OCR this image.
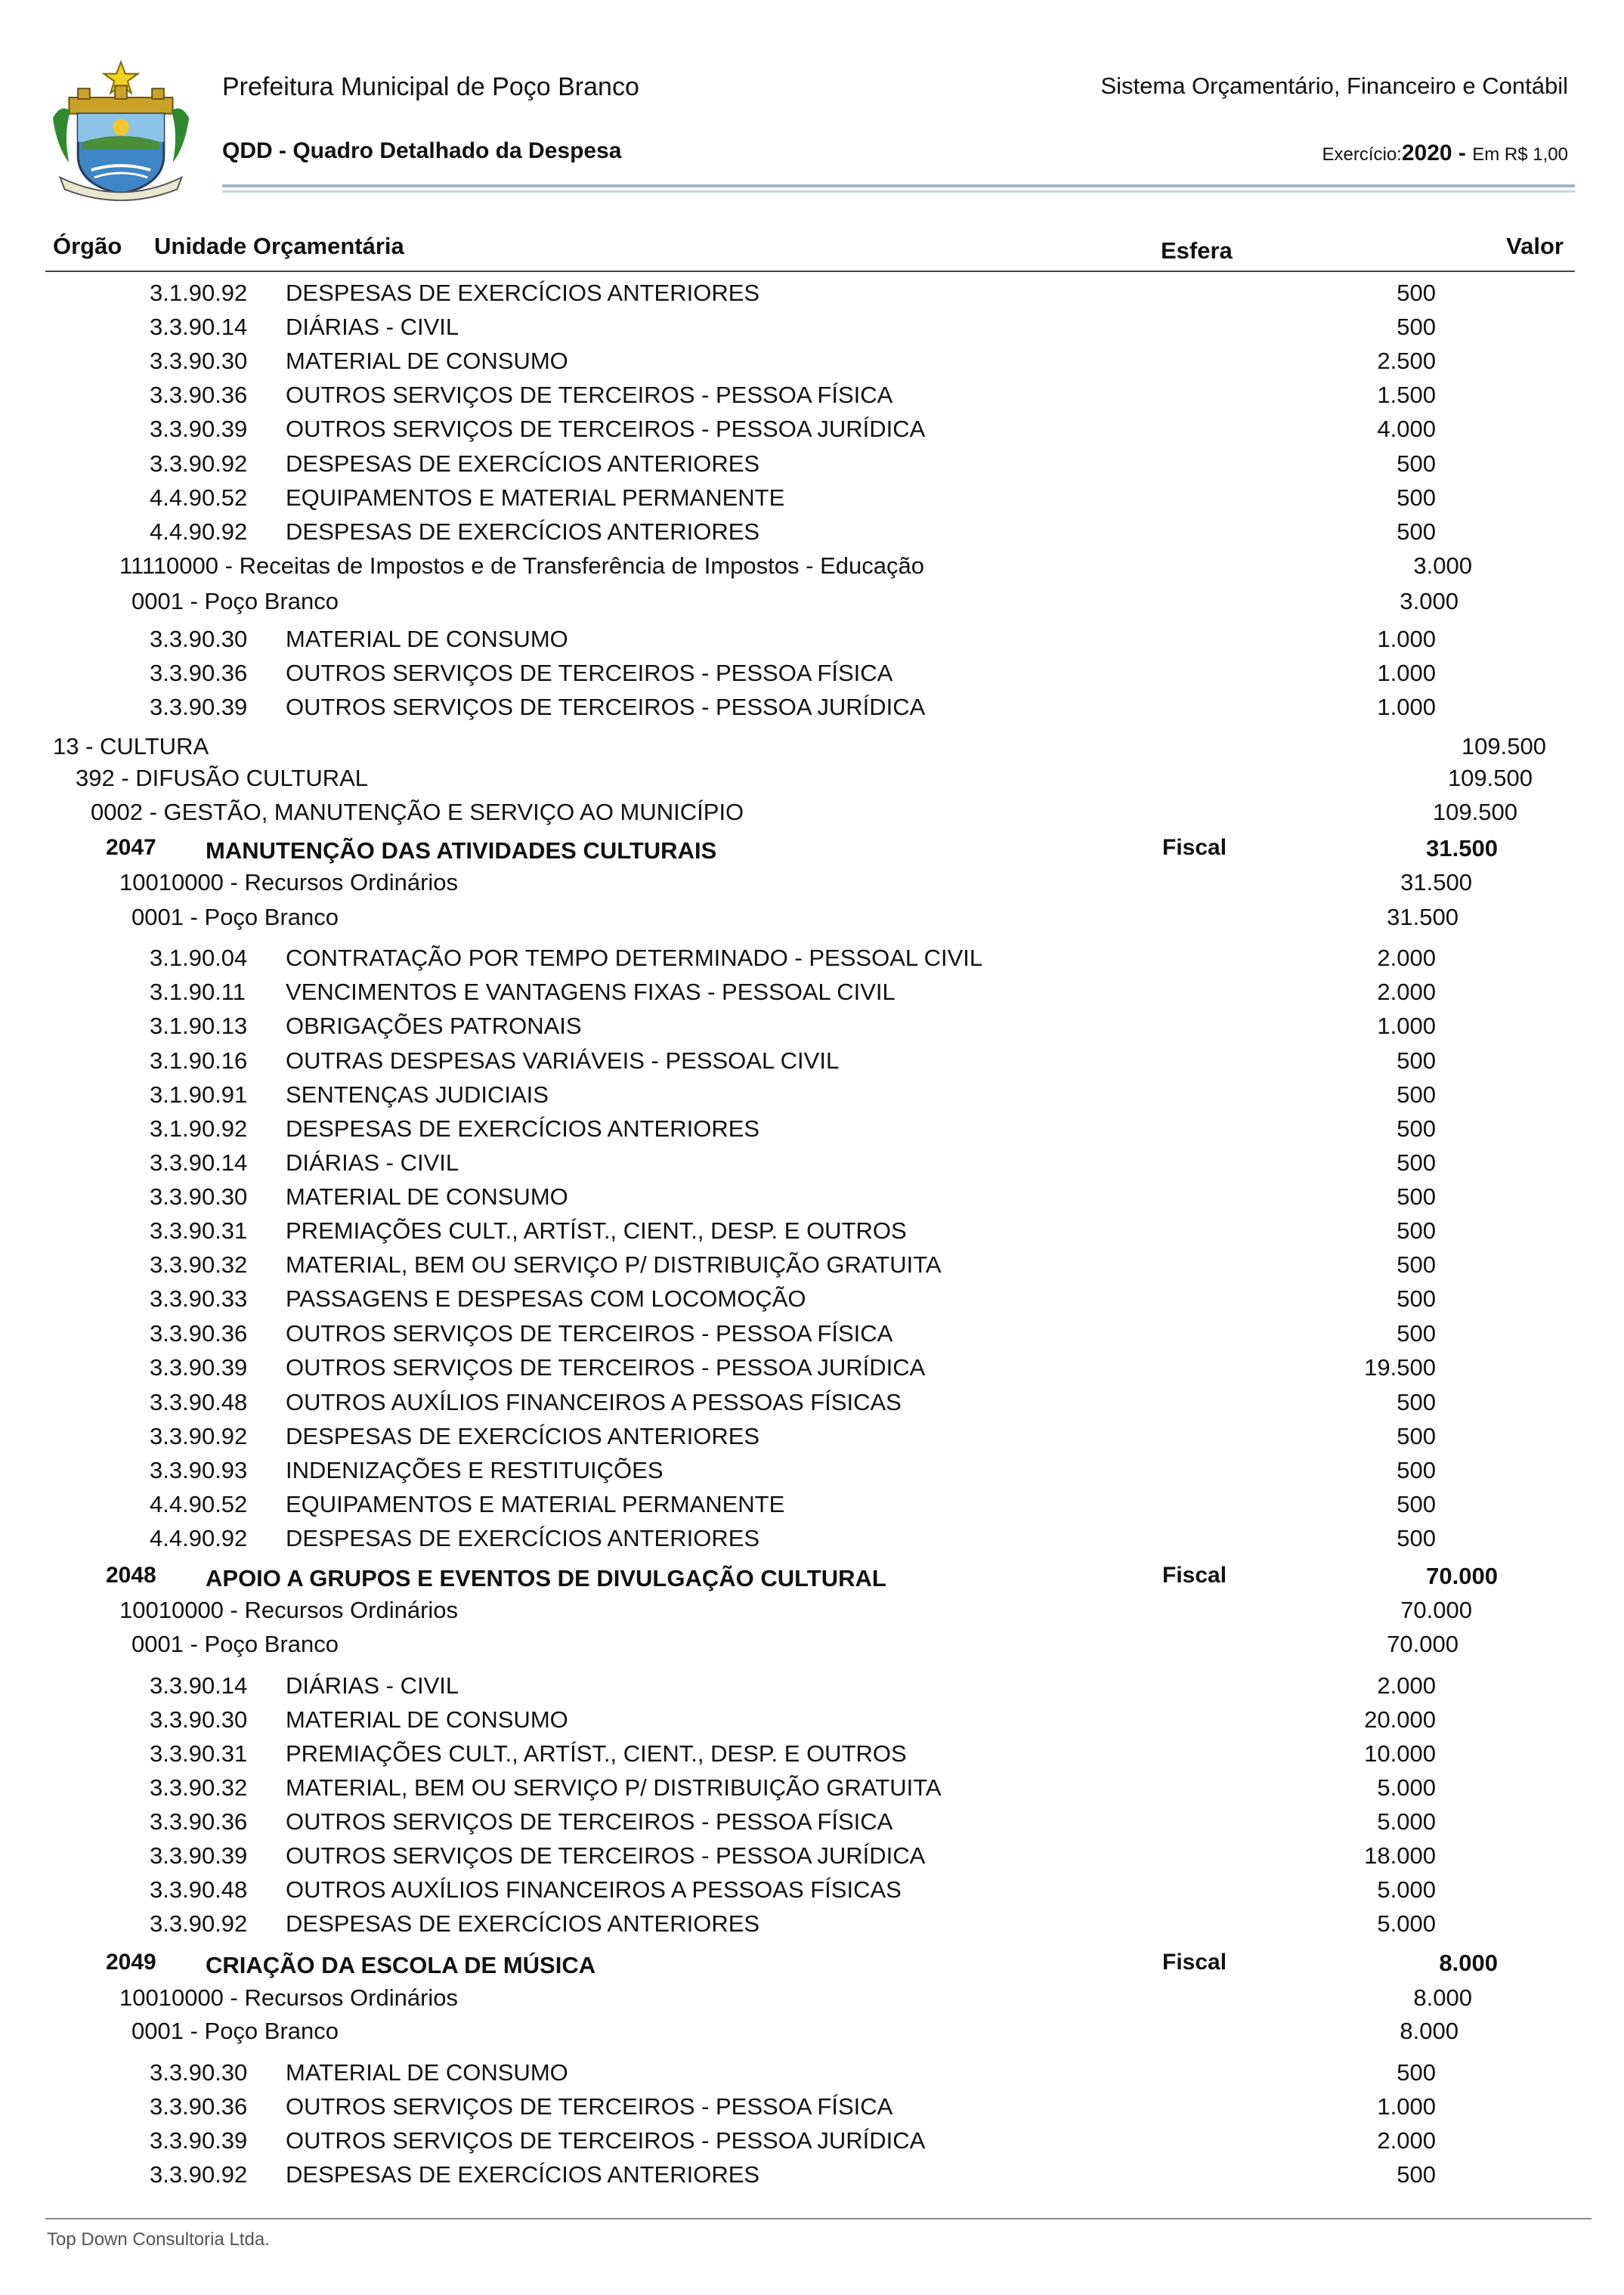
Prefeitura Municipal de Poço Branco
QDD - Quadro Detalhado da Despesa
Sistema Orçamentário, Financeiro e Contábil
Exercício:2020 - Em R$ 1,00
Órgão Unidade Orçamentária	Esfera	Valor
3.1.90.92 DESPESAS DE EXERCÍCIOS ANTERIORES	500
3.3.90.14 DIÁRIAS - CIVIL	500
3.3.90.30 MATERIAL DE CONSUMO	2.500
3.3.90.36 OUTROS SERVIÇOS DE TERCEIROS - PESSOA FÍSICA	1.500
3.3.90.39 OUTROS SERVIÇOS DE TERCEIROS - PESSOA JURÍDICA	4.000
3.3.90.92 DESPESAS DE EXERCÍCIOS ANTERIORES	500
4.4.90.52 EQUIPAMENTOS E MATERIAL PERMANENTE	500
4.4.90.92 DESPESAS DE EXERCÍCIOS ANTERIORES	500
11110000 - Receitas de Impostos e de Transferência de Impostos - Educação	3.000
0001 - Poço Branco	3.000
3.3.90.30 MATERIAL DE CONSUMO	1.000
3.3.90.36 OUTROS SERVIÇOS DE TERCEIROS - PESSOA FÍSICA	1.000
3.3.90.39 OUTROS SERVIÇOS DE TERCEIROS - PESSOA JURÍDICA	1.000
13 - CULTURA	109.500
392 - DIFUSÃO CULTURAL	109.500
0002 - GESTÃO, MANUTENÇÃO E SERVIÇO AO MUNICÍPIO	109.500
2047 MANUTENÇÃO DAS ATIVIDADES CULTURAIS	Fiscal	31.500
10010000 - Recursos Ordinários	31.500
0001 - Poço Branco	31.500
3.1.90.04 CONTRATAÇÃO POR TEMPO DETERMINADO - PESSOAL CIVIL	2.000
3.1.90.11 VENCIMENTOS E VANTAGENS FIXAS - PESSOAL CIVIL	2.000
3.1.90.13 OBRIGAÇÕES PATRONAIS	1.000
3.1.90.16 OUTRAS DESPESAS VARIÁVEIS - PESSOAL CIVIL	500
3.1.90.91 SENTENÇAS JUDICIAIS	500
3.1.90.92 DESPESAS DE EXERCÍCIOS ANTERIORES	500
3.3.90.14 DIÁRIAS - CIVIL	500
3.3.90.30 MATERIAL DE CONSUMO	500
3.3.90.31 PREMIAÇÕES CULT., ARTÍST., CIENT., DESP. E OUTROS	500
3.3.90.32 MATERIAL, BEM OU SERVIÇO P/ DISTRIBUIÇÃO GRATUITA	500
3.3.90.33 PASSAGENS E DESPESAS COM LOCOMOÇÃO	500
3.3.90.36 OUTROS SERVIÇOS DE TERCEIROS - PESSOA FÍSICA	500
3.3.90.39 OUTROS SERVIÇOS DE TERCEIROS - PESSOA JURÍDICA	19.500
3.3.90.48 OUTROS AUXÍLIOS FINANCEIROS A PESSOAS FÍSICAS	500
3.3.90.92 DESPESAS DE EXERCÍCIOS ANTERIORES	500
3.3.90.93 INDENIZAÇÕES E RESTITUIÇÕES	500
4.4.90.52 EQUIPAMENTOS E MATERIAL PERMANENTE	500
4.4.90.92 DESPESAS DE EXERCÍCIOS ANTERIORES	500
2048 APOIO A GRUPOS E EVENTOS DE DIVULGAÇÃO CULTURAL	Fiscal	70.000
10010000 - Recursos Ordinários	70.000
0001 - Poço Branco	70.000
3.3.90.14 DIÁRIAS - CIVIL	2.000
3.3.90.30 MATERIAL DE CONSUMO	20.000
3.3.90.31 PREMIAÇÕES CULT., ARTÍST., CIENT., DESP. E OUTROS	10.000
3.3.90.32 MATERIAL, BEM OU SERVIÇO P/ DISTRIBUIÇÃO GRATUITA	5.000
3.3.90.36 OUTROS SERVIÇOS DE TERCEIROS - PESSOA FÍSICA	5.000
3.3.90.39 OUTROS SERVIÇOS DE TERCEIROS - PESSOA JURÍDICA	18.000
3.3.90.48 OUTROS AUXÍLIOS FINANCEIROS A PESSOAS FÍSICAS	5.000
3.3.90.92 DESPESAS DE EXERCÍCIOS ANTERIORES	5.000
2049 CRIAÇÃO DA ESCOLA DE MÚSICA	Fiscal	8.000
10010000 - Recursos Ordinários	8.000
0001 - Poço Branco	8.000
3.3.90.30 MATERIAL DE CONSUMO	500
3.3.90.36 OUTROS SERVIÇOS DE TERCEIROS - PESSOA FÍSICA	1.000
3.3.90.39 OUTROS SERVIÇOS DE TERCEIROS - PESSOA JURÍDICA	2.000
3.3.90.92 DESPESAS DE EXERCÍCIOS ANTERIORES	500
Top Down Consultoria Ltda.
